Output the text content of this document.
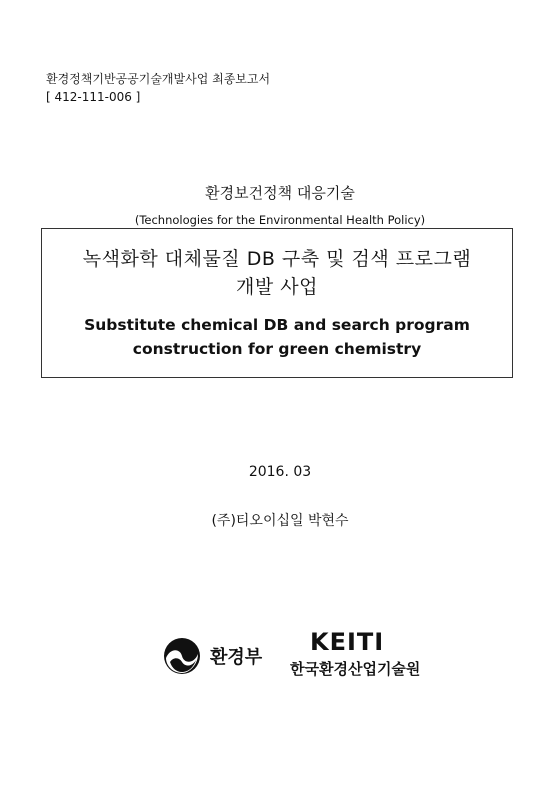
환경정책기반공공기술개발사업 최종보고서
[ 412-111-006 ]
환경보건정책 대응기술
(Technologies for the Environmental Health Policy)
녹색화학 대체물질 DB 구축 및 검색 프로그램
개발 사업
Substitute chemical DB and search program
construction for green chemistry
2016. 03
(주)티오이십일 박현수
환경부
KEITI
한국환경산업기술원
